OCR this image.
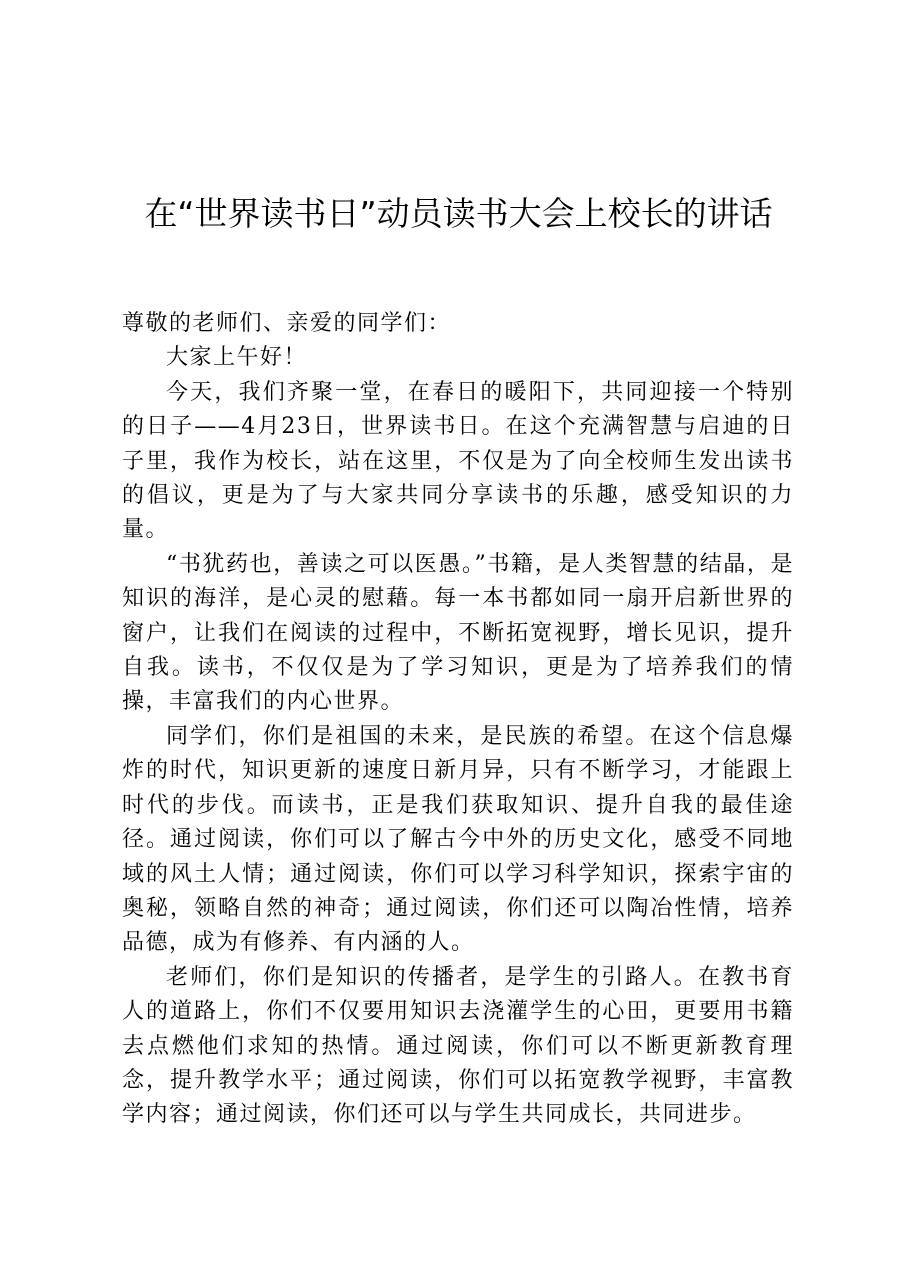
在“世界读书日”动员读书大会上校长的讲话

尊敬的老师们、亲爱的同学们：

大家上午好！

今天，我们齐聚一堂，在春日的暖阳下，共同迎接一个特别的日子——4月23日，世界读书日。在这个充满智慧与启迪的日子里，我作为校长，站在这里，不仅是为了向全校师生发出读书的倡议，更是为了与大家共同分享读书的乐趣，感受知识的力量。

“书犹药也，善读之可以医愚。”书籍，是人类智慧的结晶，是知识的海洋，是心灵的慰藉。每一本书都如同一扇开启新世界的窗户，让我们在阅读的过程中，不断拓宽视野，增长见识，提升自我。读书，不仅仅是为了学习知识，更是为了培养我们的情操，丰富我们的内心世界。

同学们，你们是祖国的未来，是民族的希望。在这个信息爆炸的时代，知识更新的速度日新月异，只有不断学习，才能跟上时代的步伐。而读书，正是我们获取知识、提升自我的最佳途径。通过阅读，你们可以了解古今中外的历史文化，感受不同地域的风土人情；通过阅读，你们可以学习科学知识，探索宇宙的奥秘，领略自然的神奇；通过阅读，你们还可以陶冶性情，培养品德，成为有修养、有内涵的人。

老师们，你们是知识的传播者，是学生的引路人。在教书育人的道路上，你们不仅要用知识去浇灌学生的心田，更要用书籍去点燃他们求知的热情。通过阅读，你们可以不断更新教育理念，提升教学水平；通过阅读，你们可以拓宽教学视野，丰富教学内容；通过阅读，你们还可以与学生共同成长，共同进步。
